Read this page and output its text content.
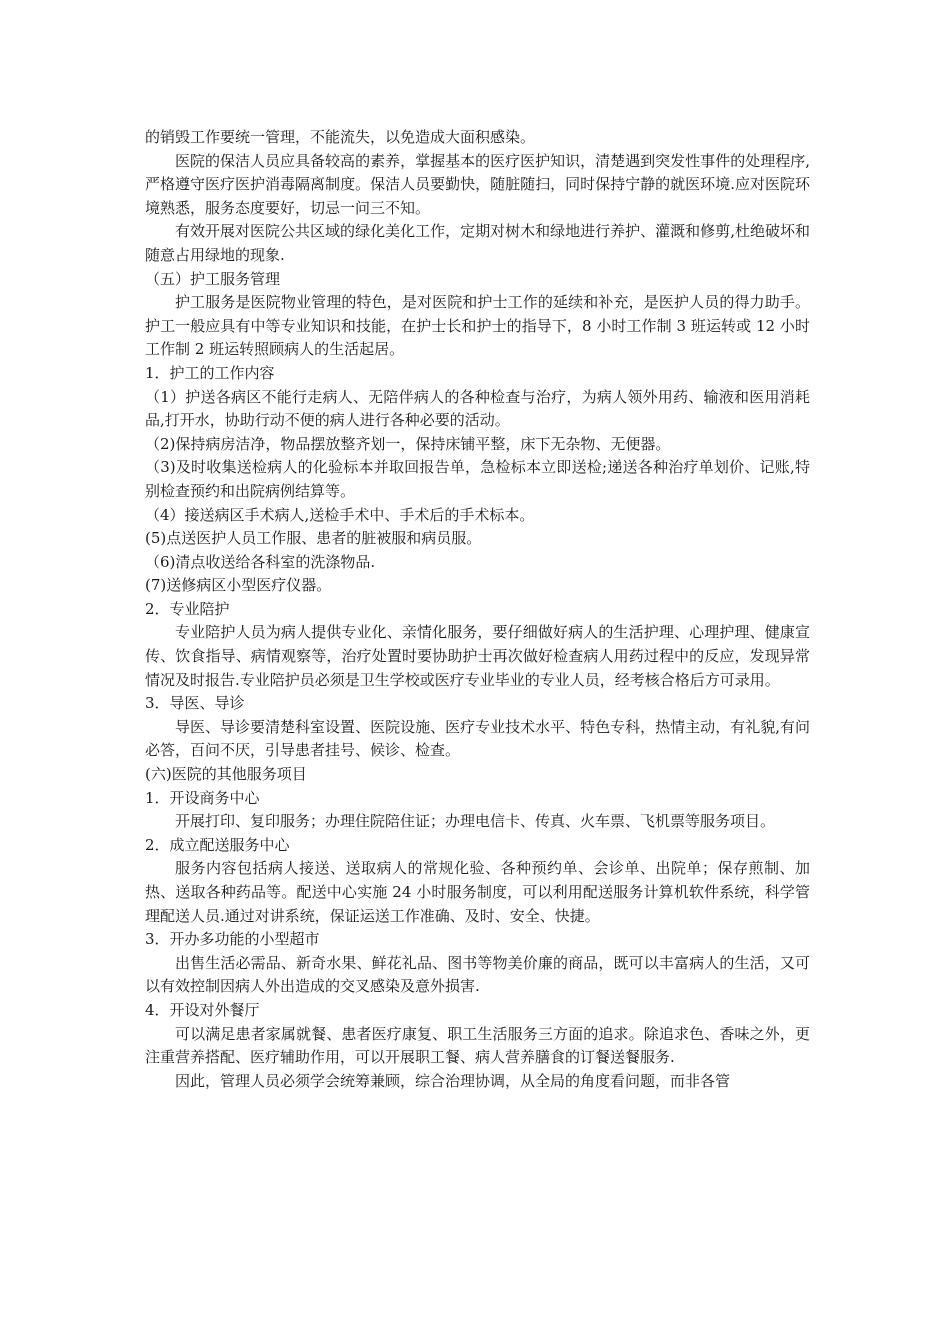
的销毁工作要统一管理，不能流失，以免造成大面积感染。

医院的保洁人员应具备较高的素养，掌握基本的医疗医护知识，清楚遇到突发性事件的处理程序,严格遵守医疗医护消毒隔离制度。保洁人员要勤快，随脏随扫，同时保持宁静的就医环境.应对医院环境熟悉，服务态度要好，切忌一问三不知。

有效开展对医院公共区域的绿化美化工作，定期对树木和绿地进行养护、灌溉和修剪,杜绝破坏和随意占用绿地的现象.

（五）护工服务管理

护工服务是医院物业管理的特色，是对医院和护士工作的延续和补充，是医护人员的得力助手。护工一般应具有中等专业知识和技能，在护士长和护士的指导下，8 小时工作制 3 班运转或 12 小时工作制 2 班运转照顾病人的生活起居。

1．护工的工作内容

（1）护送各病区不能行走病人、无陪伴病人的各种检查与治疗，为病人领外用药、输液和医用消耗品,打开水，协助行动不便的病人进行各种必要的活动。

（2)保持病房洁净，物品摆放整齐划一，保持床铺平整，床下无杂物、无便器。

（3)及时收集送检病人的化验标本并取回报告单，急检标本立即送检;递送各种治疗单划价、记账,特别检查预约和出院病例结算等。

（4）接送病区手术病人,送检手术中、手术后的手术标本。

(5)点送医护人员工作服、患者的脏被服和病员服。

（6)清点收送给各科室的洗涤物品.

(7)送修病区小型医疗仪器。

2．专业陪护

专业陪护人员为病人提供专业化、亲情化服务，要仔细做好病人的生活护理、心理护理、健康宣传、饮食指导、病情观察等，治疗处置时要协助护士再次做好检查病人用药过程中的反应，发现异常情况及时报告.专业陪护员必须是卫生学校或医疗专业毕业的专业人员，经考核合格后方可录用。

3．导医、导诊

导医、导诊要清楚科室设置、医院设施、医疗专业技术水平、特色专科，热情主动，有礼貌,有问必答，百问不厌，引导患者挂号、候诊、检查。

(六)医院的其他服务项目

1．开设商务中心

开展打印、复印服务；办理住院陪住证；办理电信卡、传真、火车票、飞机票等服务项目。

2．成立配送服务中心

服务内容包括病人接送、送取病人的常规化验、各种预约单、会诊单、出院单；保存煎制、加热、送取各种药品等。配送中心实施 24 小时服务制度，可以利用配送服务计算机软件系统，科学管理配送人员.通过对讲系统，保证运送工作准确、及时、安全、快捷。

3．开办多功能的小型超市

出售生活必需品、新奇水果、鲜花礼品、图书等物美价廉的商品，既可以丰富病人的生活，又可以有效控制因病人外出造成的交叉感染及意外损害.

4．开设对外餐厅

可以满足患者家属就餐、患者医疗康复、职工生活服务三方面的追求。除追求色、香味之外，更注重营养搭配、医疗辅助作用，可以开展职工餐、病人营养膳食的订餐送餐服务.

因此，管理人员必须学会统筹兼顾，综合治理协调，从全局的角度看问题，而非各管
